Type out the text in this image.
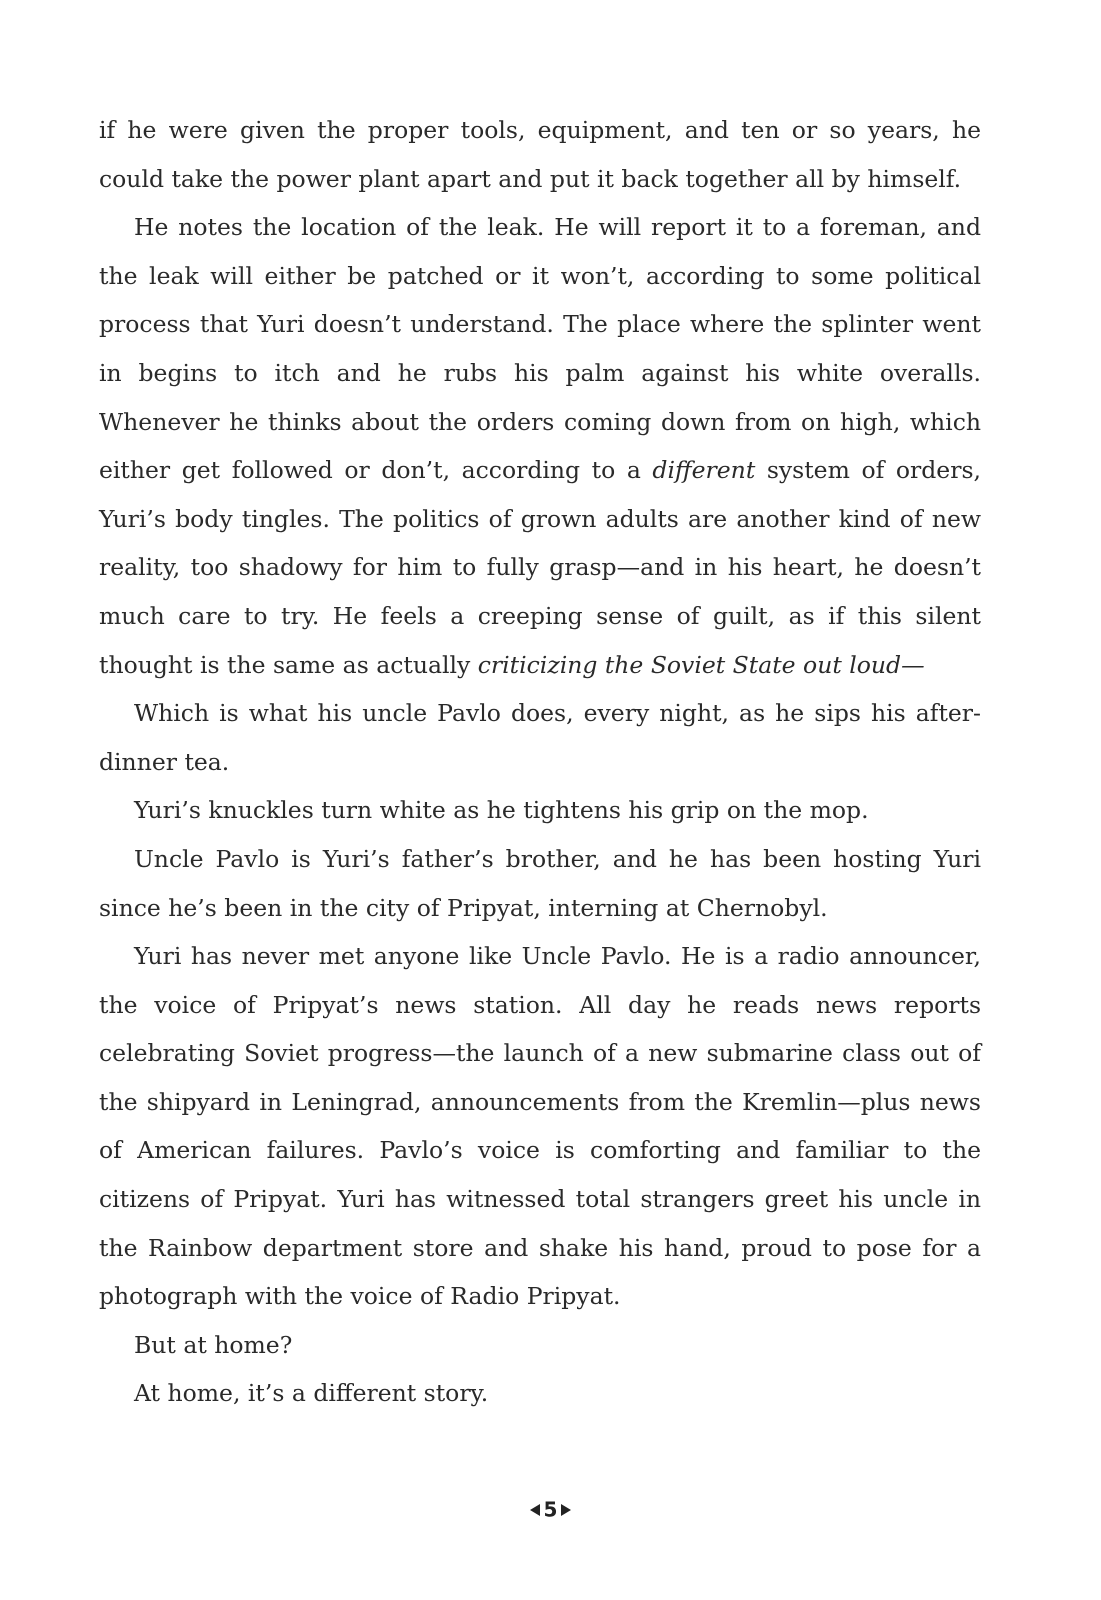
if he were given the proper tools, equipment, and ten or so years, he could take the power plant apart and put it back together all by himself.

He notes the location of the leak. He will report it to a foreman, and the leak will either be patched or it won’t, according to some political process that Yuri doesn’t understand. The place where the splinter went in begins to itch and he rubs his palm against his white overalls. Whenever he thinks about the orders coming down from on high, which either get followed or don’t, according to a different system of orders, Yuri’s body tingles. The politics of grown adults are another kind of new reality, too shadowy for him to fully grasp—and in his heart, he doesn’t much care to try. He feels a creeping sense of guilt, as if this silent thought is the same as actually criticizing the Soviet State out loud—

Which is what his uncle Pavlo does, every night, as he sips his after-dinner tea.

Yuri’s knuckles turn white as he tightens his grip on the mop.

Uncle Pavlo is Yuri’s father’s brother, and he has been hosting Yuri since he’s been in the city of Pripyat, interning at Chernobyl.

Yuri has never met anyone like Uncle Pavlo. He is a radio announcer, the voice of Pripyat’s news station. All day he reads news reports celebrating Soviet progress—the launch of a new submarine class out of the shipyard in Leningrad, announcements from the Kremlin—plus news of American failures. Pavlo’s voice is comforting and familiar to the citizens of Pripyat. Yuri has witnessed total strangers greet his uncle in the Rainbow department store and shake his hand, proud to pose for a photograph with the voice of Radio Pripyat.

But at home?

At home, it’s a different story.

5
